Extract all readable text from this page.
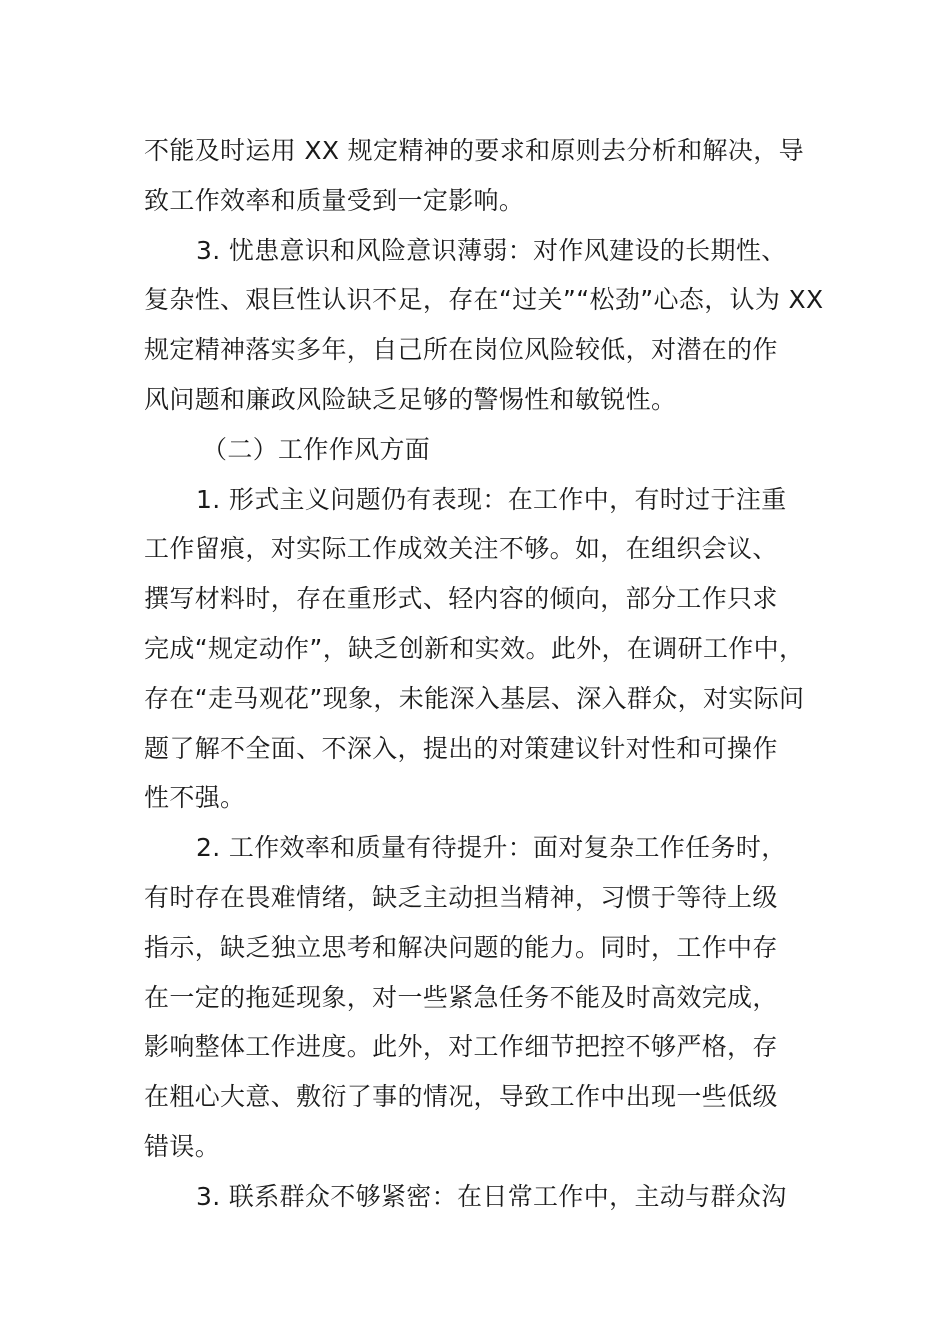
不能及时运用 XX 规定精神的要求和原则去分析和解决，导
致工作效率和质量受到一定影响。
3. 忧患意识和风险意识薄弱：对作风建设的长期性、
复杂性、艰巨性认识不足，存在“过关”“松劲”心态，认为 XX
规定精神落实多年，自己所在岗位风险较低，对潜在的作
风问题和廉政风险缺乏足够的警惕性和敏锐性。
（二）工作作风方面
1. 形式主义问题仍有表现：在工作中，有时过于注重
工作留痕，对实际工作成效关注不够。如，在组织会议、
撰写材料时，存在重形式、轻内容的倾向，部分工作只求
完成“规定动作”，缺乏创新和实效。此外，在调研工作中，
存在“走马观花”现象，未能深入基层、深入群众，对实际问
题了解不全面、不深入，提出的对策建议针对性和可操作
性不强。
2. 工作效率和质量有待提升：面对复杂工作任务时，
有时存在畏难情绪，缺乏主动担当精神，习惯于等待上级
指示，缺乏独立思考和解决问题的能力。同时，工作中存
在一定的拖延现象，对一些紧急任务不能及时高效完成，
影响整体工作进度。此外，对工作细节把控不够严格，存
在粗心大意、敷衍了事的情况，导致工作中出现一些低级
错误。
3. 联系群众不够紧密：在日常工作中，主动与群众沟
